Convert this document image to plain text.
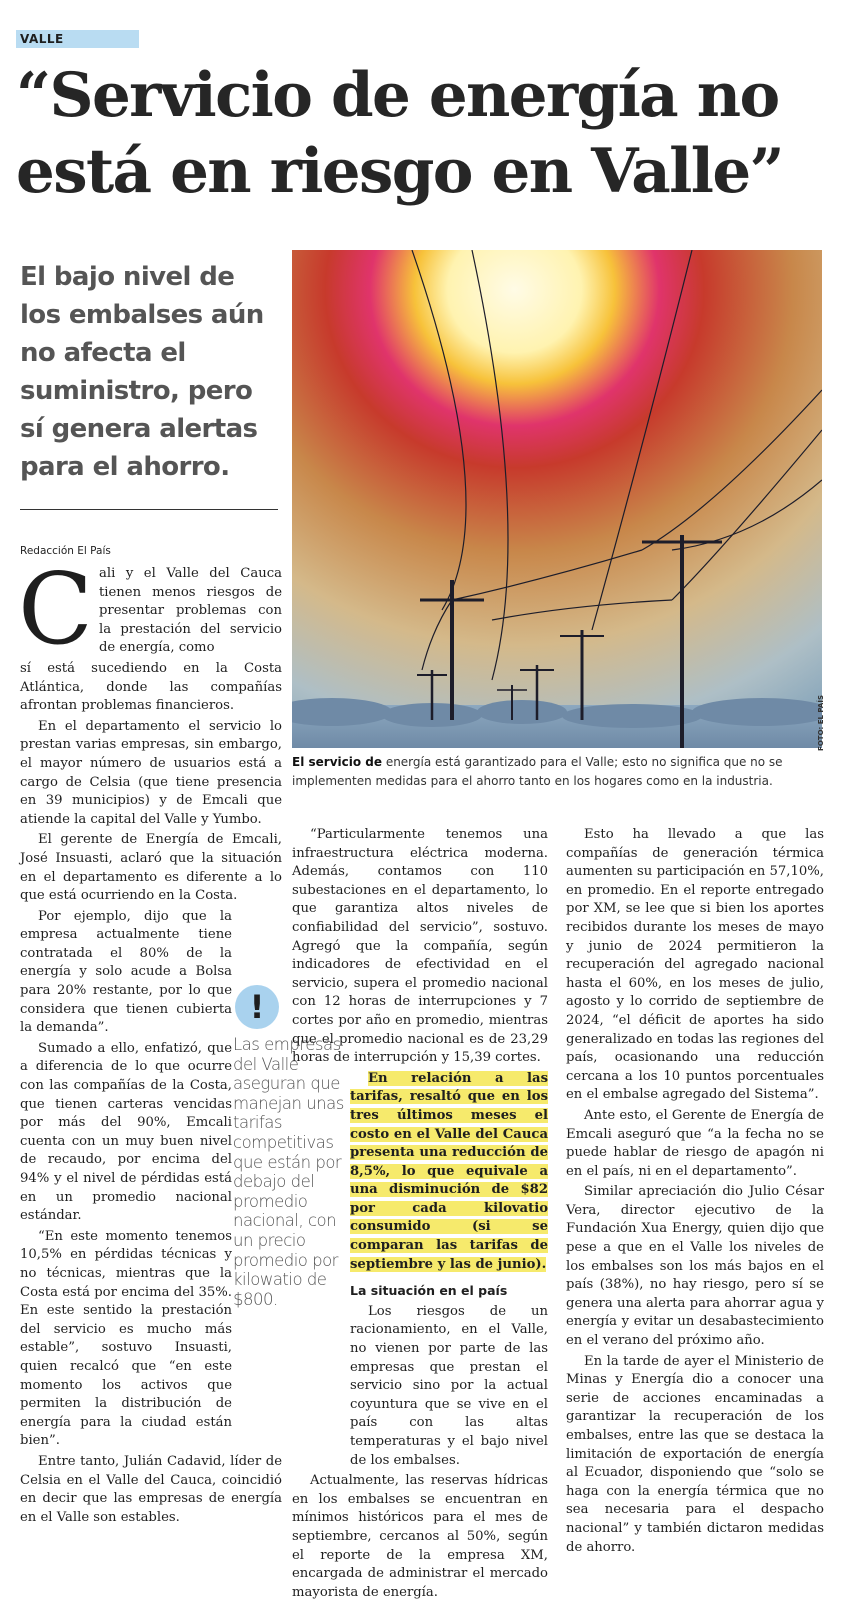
VALLE
“Servicio de energía no está en riesgo en Valle”
El bajo nivel de los embalses aún no afecta el suministro, pero sí genera alertas para el ahorro.
Redacción El País
FOTO: EL PAÍS
El servicio de energía está garantizado para el Valle; esto no significa que no se implementen medidas para el ahorro tanto en los hogares como en la industria.
C ali y el Valle del Cauca tienen menos riesgos de presentar problemas con la prestación del servicio de energía, como

sí está sucediendo en la Costa Atlántica, donde las compañías afrontan problemas financieros.

En el departamento el servicio lo prestan varias empresas, sin embargo, el mayor número de usuarios está a cargo de Celsia (que tiene presencia en 39 municipios) y de Emcali que atiende la capital del Valle y Yumbo.

El gerente de Energía de Emcali, José Insuasti, aclaró que la situación en el departamento es diferente a lo que está ocurriendo en la Costa.

Por ejemplo, dijo que la empresa actualmente tiene contratada el 80% de la energía y solo acude a Bolsa para 20% restante, por lo que considera que tienen cubierta la demanda”.

Sumado a ello, enfatizó, que a diferencia de lo que ocurre con las compañías de la Costa, que tienen carteras vencidas por más del 90%, Emcali cuenta con un muy buen nivel de recaudo, por encima del 94% y el nivel de pérdidas está en un promedio nacional estándar.

“En este momento tenemos 10,5% en pérdidas técnicas y no técnicas, mientras que la Costa está por encima del 35%. En este sentido la prestación del servicio es mucho más estable”, sostuvo Insuasti, quien recalcó que “en este momento los activos que permiten la distribución de energía para la ciudad están bien”.

Entre tanto, Julián Cadavid, líder de Celsia en el Valle del Cauca, coincidió en decir que las empresas de energía en el Valle son estables.

!
Las empresas del Valle aseguran que manejan unas tarifas competitivas que están por debajo del promedio nacional, con un precio promedio por kilowatio de $800.

“Particularmente tenemos una infraestructura eléctrica moderna. Además, contamos con 110 subestaciones en el departamento, lo que garantiza altos niveles de confiabilidad del servicio”, sostuvo. Agregó que la compañía, según indicadores de efectividad en el servicio, supera el promedio nacional con 12 horas de interrupciones y 7 cortes por año en promedio, mientras que el promedio nacional es de 23,29 horas de interrupción y 15,39 cortes.

En relación a las tarifas, resaltó que en los tres últimos meses el costo en el Valle del Cauca presenta una reducción de 8,5%, lo que equivale a una disminución de $82 por cada kilovatio consumido (si se comparan las tarifas de septiembre y las de junio).

La situación en el país

Los riesgos de un racionamiento, en el Valle, no vienen por parte de las empresas que prestan el servicio sino por la actual coyuntura que se vive en el país con las altas temperaturas y el bajo nivel de los embalses.

Actualmente, las reservas hídricas en los embalses se encuentran en mínimos históricos para el mes de septiembre, cercanos al 50%, según el reporte de la empresa XM, encargada de administrar el mercado mayorista de energía.

Esto ha llevado a que las compañías de generación térmica aumenten su participación en 57,10%, en promedio. En el reporte entregado por XM, se lee que si bien los aportes recibidos durante los meses de mayo y junio de 2024 permitieron la recuperación del agregado nacional hasta el 60%, en los meses de julio, agosto y lo corrido de septiembre de 2024, “el déficit de aportes ha sido generalizado en todas las regiones del país, ocasionando una reducción cercana a los 10 puntos porcentuales en el embalse agregado del Sistema”.

Ante esto, el Gerente de Energía de Emcali aseguró que “a la fecha no se puede hablar de riesgo de apagón ni en el país, ni en el departamento”.

Similar apreciación dio Julio César Vera, director ejecutivo de la Fundación Xua Energy, quien dijo que pese a que en el Valle los niveles de los embalses son los más bajos en el país (38%), no hay riesgo, pero sí se genera una alerta para ahorrar agua y energía y evitar un desabastecimiento en el verano del próximo año.

En la tarde de ayer el Ministerio de Minas y Energía dio a conocer una serie de acciones encaminadas a garantizar la recuperación de los embalses, entre las que se destaca la limitación de exportación de energía al Ecuador, disponiendo que “solo se haga con la energía térmica que no sea necesaria para el despacho nacional” y también dictaron medidas de ahorro.
